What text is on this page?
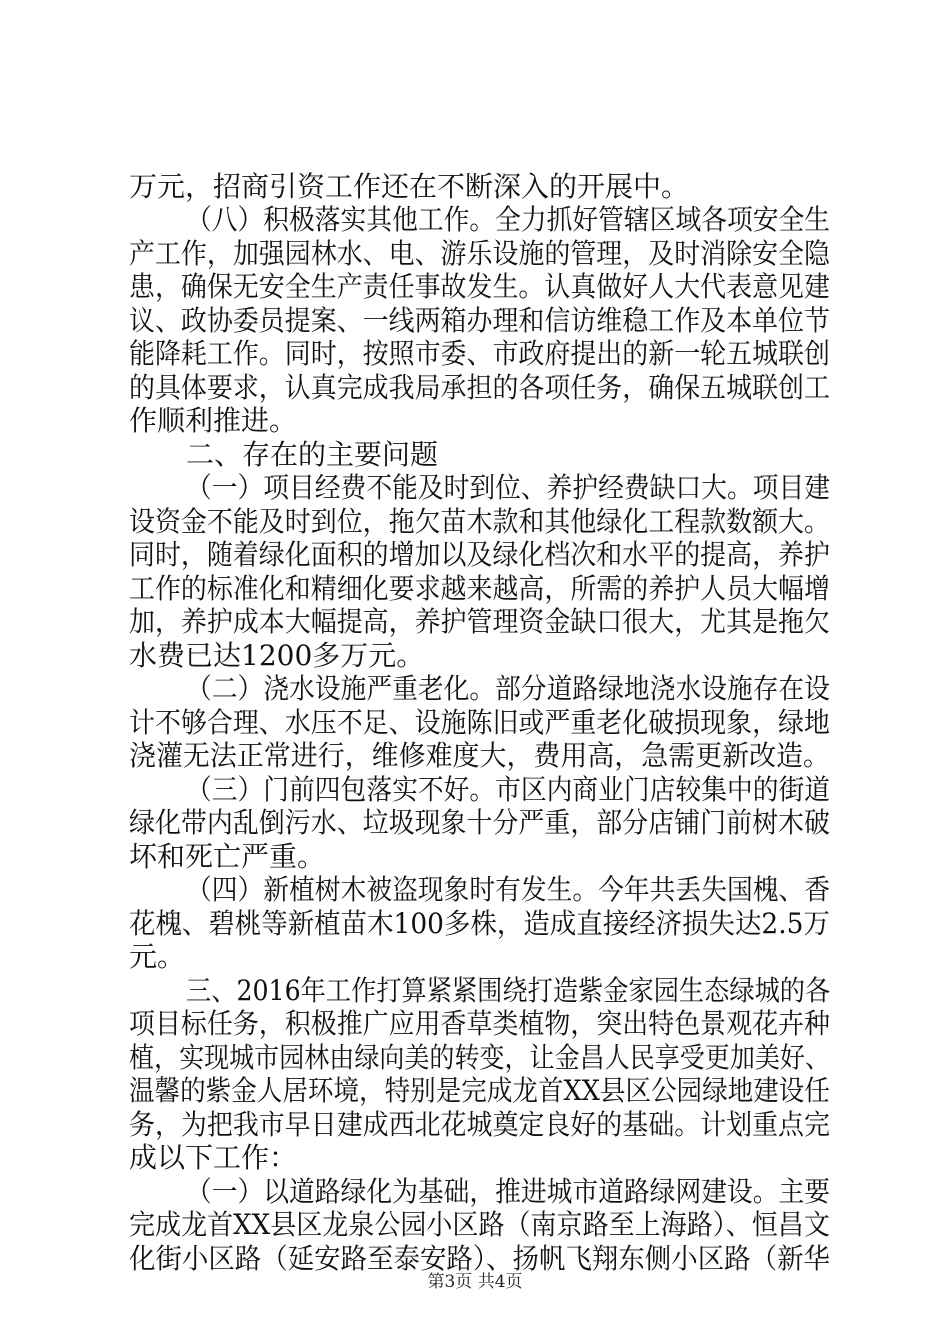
万元，招商引资工作还在不断深入的开展中。

（八）积极落实其他工作。全力抓好管辖区域各项安全生

产工作，加强园林水、电、游乐设施的管理，及时消除安全隐

患，确保无安全生产责任事故发生。认真做好人大代表意见建

议、政协委员提案、一线两箱办理和信访维稳工作及本单位节

能降耗工作。同时，按照市委、市政府提出的新一轮五城联创

的具体要求，认真完成我局承担的各项任务，确保五城联创工

作顺利推进。

二、存在的主要问题

（一）项目经费不能及时到位、养护经费缺口大。项目建

设资金不能及时到位，拖欠苗木款和其他绿化工程款数额大。

同时，随着绿化面积的增加以及绿化档次和水平的提高，养护

工作的标准化和精细化要求越来越高，所需的养护人员大幅增

加，养护成本大幅提高，养护管理资金缺口很大，尤其是拖欠

水费已达1200多万元。

（二）浇水设施严重老化。部分道路绿地浇水设施存在设

计不够合理、水压不足、设施陈旧或严重老化破损现象，绿地

浇灌无法正常进行，维修难度大，费用高，急需更新改造。

（三）门前四包落实不好。市区内商业门店较集中的街道

绿化带内乱倒污水、垃圾现象十分严重，部分店铺门前树木破

坏和死亡严重。

（四）新植树木被盗现象时有发生。今年共丢失国槐、香

花槐、碧桃等新植苗木100多株，造成直接经济损失达2.5万

元。

三、2016年工作打算紧紧围绕打造紫金家园生态绿城的各

项目标任务，积极推广应用香草类植物，突出特色景观花卉种

植，实现城市园林由绿向美的转变，让金昌人民享受更加美好、

温馨的紫金人居环境，特别是完成龙首XX县区公园绿地建设任

务，为把我市早日建成西北花城奠定良好的基础。计划重点完

成以下工作：

（一）以道路绿化为基础，推进城市道路绿网建设。主要

完成龙首XX县区龙泉公园小区路（南京路至上海路）、恒昌文

化街小区路（延安路至泰安路）、扬帆飞翔东侧小区路（新华

第3页 共4页
